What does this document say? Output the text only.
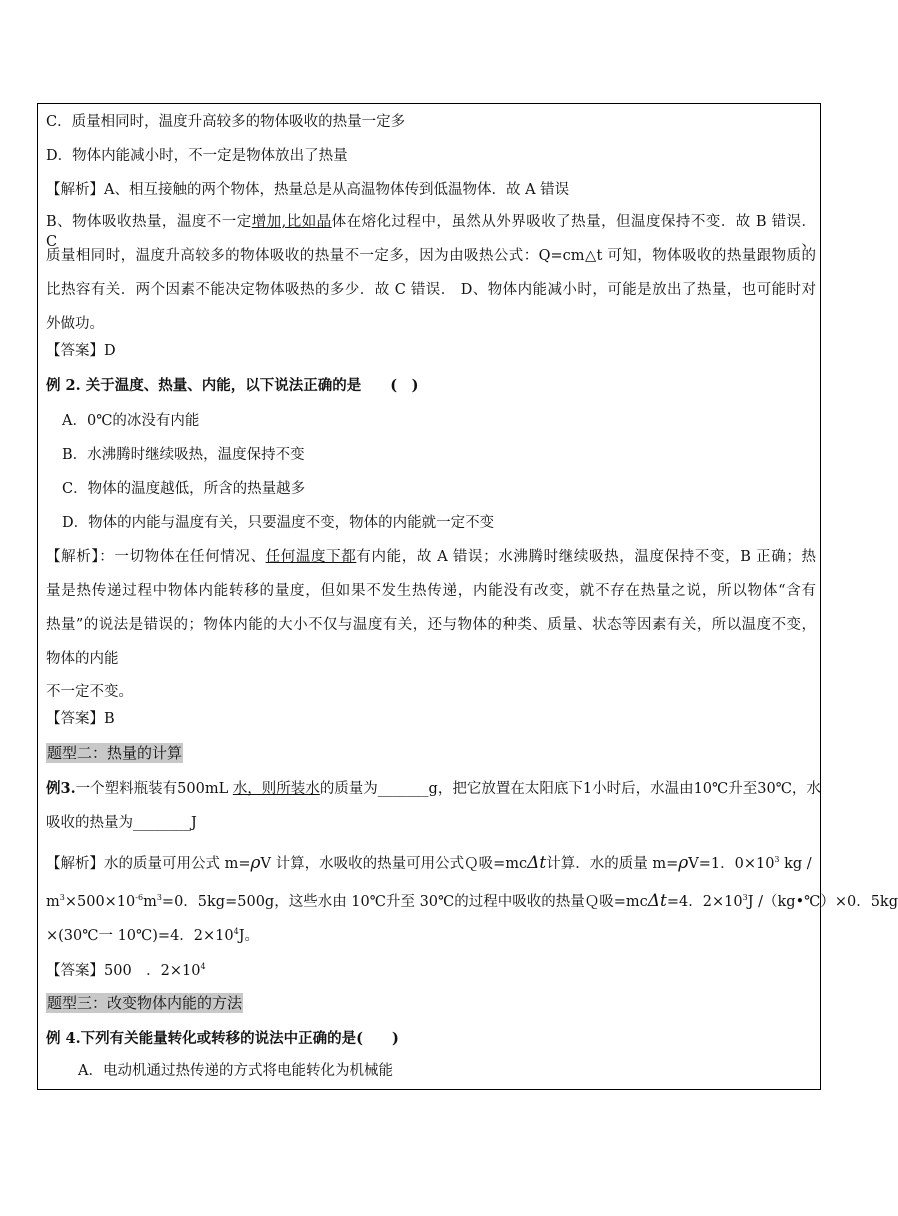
C．质量相同时，温度升高较多的物体吸收的热量一定多
D．物体内能减小时，不一定是物体放出了热量
【解析】A、相互接触的两个物体，热量总是从高温物体传到低温物体．故 A 错误
B、物体吸收热量，温度不一定增加,比如晶体在熔化过程中，虽然从外界吸收了热量，但温度保持不变．故 B 错误．C、
质量相同时，温度升高较多的物体吸收的热量不一定多，因为由吸热公式：Q=cm△t 可知，物体吸收的热量跟物质的
比热容有关．两个因素不能决定物体吸热的多少．故 C 错误． D、物体内能减小时，可能是放出了热量，也可能时对
外做功。
【答案】D
例 2. 关于温度、热量、内能，以下说法正确的是　　(　)
A．0℃的冰没有内能
B．水沸腾时继续吸热，温度保持不变
C．物体的温度越低，所含的热量越多
D．物体的内能与温度有关，只要温度不变，物体的内能就一定不变
【解析】：一切物体在任何情况、任何温度下都有内能，故 A 错误；水沸腾时继续吸热，温度保持不变，B 正确；热
量是热传递过程中物体内能转移的量度，但如果不发生热传递，内能没有改变，就不存在热量之说，所以物体“含有
热量”的说法是错误的；物体内能的大小不仅与温度有关，还与物体的种类、质量、状态等因素有关，所以温度不变，
物体的内能
不一定不变。
【答案】B
题型二：热量的计算
例3.一个塑料瓶装有500mL 水，则所装水的质量为_______g，把它放置在太阳底下1小时后，水温由10℃升至30℃，水
吸收的热量为________J
【解析】水的质量可用公式 m=ρV 计算，水吸收的热量可用公式Ｑ吸=mcΔt计算．水的质量 m=ρV=1．$0\times 10^3$ kg /
$m^3\times 500\times 10^{-6}m^3=0$．5kg=500g，这些水由 10℃升至 30℃的过程中吸收的热量Ｑ吸=mcΔt=4．$2\times 10^3J$ /（kg•℃）×0．5kg
×(30℃一 10℃)=4．$2\times 10^4J$。
【答案】500　．$2\times 10^4$
题型三：改变物体内能的方法
例 4.下列有关能量转化或转移的说法中正确的是(　　)
A．电动机通过热传递的方式将电能转化为机械能
